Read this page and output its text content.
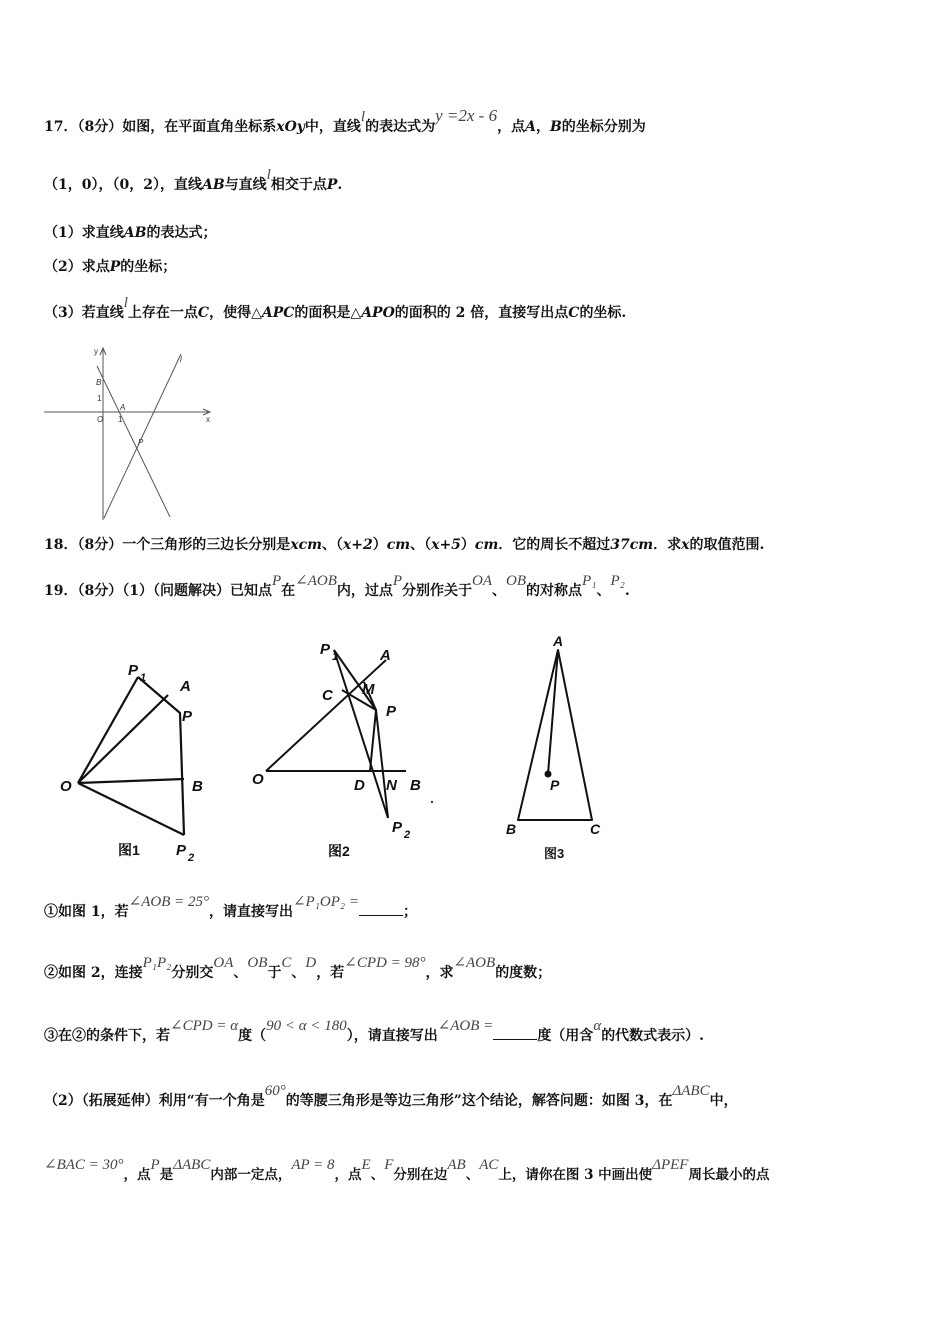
17．（8分）如图，在平面直角坐标系xOy中，直线l的表达式为y =2x - 6，点A，B的坐标分别为
（1，0），（0，2），直线AB与直线l相交于点P.
（1）求直线AB的表达式；
（2）求点P的坐标；
（3）若直线l上存在一点C，使得△APC的面积是△APO的面积的 2 倍，直接写出点C的坐标.
y
x
l
B
1
O
A
1
P
18．（8分）一个三角形的三边长分别是xcm、（x+2）cm、（x+5）cm．它的周长不超过37cm．求x的取值范围.
19．（8分）（1）（问题解决）已知点P在∠AOB内，过点P分别作关于OA、OB的对称点P₁、P₂.
P 1 A
P
O	B
P 2
图1
P 1	A
C M
P
O	D N B
P 2
图2
A
P
B	C
图3
①如图 1，若∠AOB = 25°，请直接写出∠P₁OP₂ =；
②如图 2，连接P₁P₂分别交OA、OB于C、D，若∠CPD = 98°，求∠AOB的度数；
③在②的条件下，若∠CPD = α度（90 < α < 180），请直接写出∠AOB =度（用含α的代数式表示）.
（2）（拓展延伸）利用“有一个角是60°的等腰三角形是等边三角形”这个结论，解答问题：如图 3，在ΔABC中，
∠BAC = 30°，点P是ΔABC内部一定点，AP = 8，点E、F分别在边AB、AC上，请你在图 3 中画出使ΔPEF周长最小的点
